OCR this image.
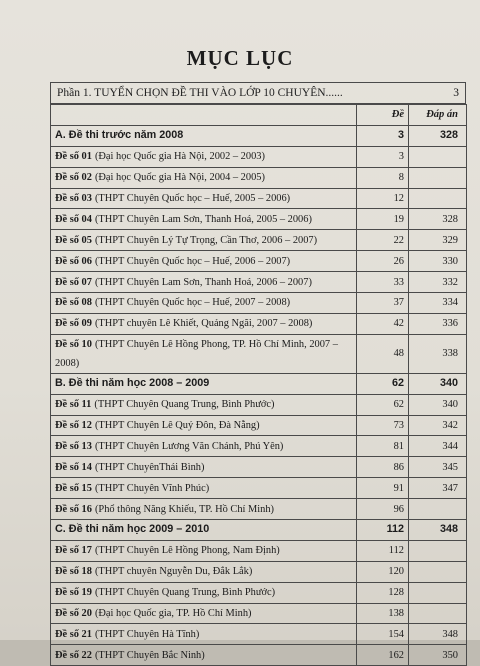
MỤC LỤC
Phần 1. TUYỂN CHỌN ĐỀ THI VÀO LỚP 10 CHUYÊN......	3
	Đề	Đáp án
A. Đề thi trước năm 2008	3	328
Đề số 01 (Đại học Quốc gia Hà Nội, 2002 – 2003)	3	
Đề số 02 (Đại học Quốc gia Hà Nội, 2004 – 2005)	8	
Đề số 03 (THPT Chuyên Quốc học – Huế, 2005 – 2006)	12	
Đề số 04 (THPT Chuyên Lam Sơn, Thanh Hoá, 2005 – 2006)	19	328
Đề số 05 (THPT Chuyên Lý Tự Trọng, Cần Thơ, 2006 – 2007)	22	329
Đề số 06 (THPT Chuyên Quốc học – Huế, 2006 – 2007)	26	330
Đề số 07 (THPT Chuyên Lam Sơn, Thanh Hoá, 2006 – 2007)	33	332
Đề số 08 (THPT Chuyên Quốc học – Huế, 2007 – 2008)	37	334
Đề số 09 (THPT chuyên Lê Khiết, Quảng Ngãi, 2007 – 2008)	42	336
Đề số 10 (THPT Chuyên Lê Hồng Phong, TP. Hồ Chí Minh, 2007 – 2008)	48	338
B. Đề thi năm học 2008 – 2009	62	340
Đề số 11 (THPT Chuyên Quang Trung, Bình Phước)	62	340
Đề số 12 (THPT Chuyên Lê Quý Đôn, Đà Nẵng)	73	342
Đề số 13 (THPT Chuyên Lương Văn Chánh, Phú Yên)	81	344
Đề số 14 (THPT ChuyênThái Bình)	86	345
Đề số 15 (THPT Chuyên Vĩnh Phúc)	91	347
Đề số 16 (Phổ thông Năng Khiếu, TP. Hồ Chí Minh)	96	
C. Đề thi năm học 2009 – 2010	112	348
Đề số 17 (THPT Chuyên Lê Hồng Phong, Nam Định)	112	
Đề số 18 (THPT chuyên Nguyễn Du, Đắk Lắk)	120	
Đề số 19 (THPT Chuyên Quang Trung, Bình Phước)	128	
Đề số 20 (Đại học Quốc gia, TP. Hồ Chí Minh)	138	
Đề số 21 (THPT Chuyên Hà Tĩnh)	154	348
Đề số 22 (THPT Chuyên Bắc Ninh)	162	350
